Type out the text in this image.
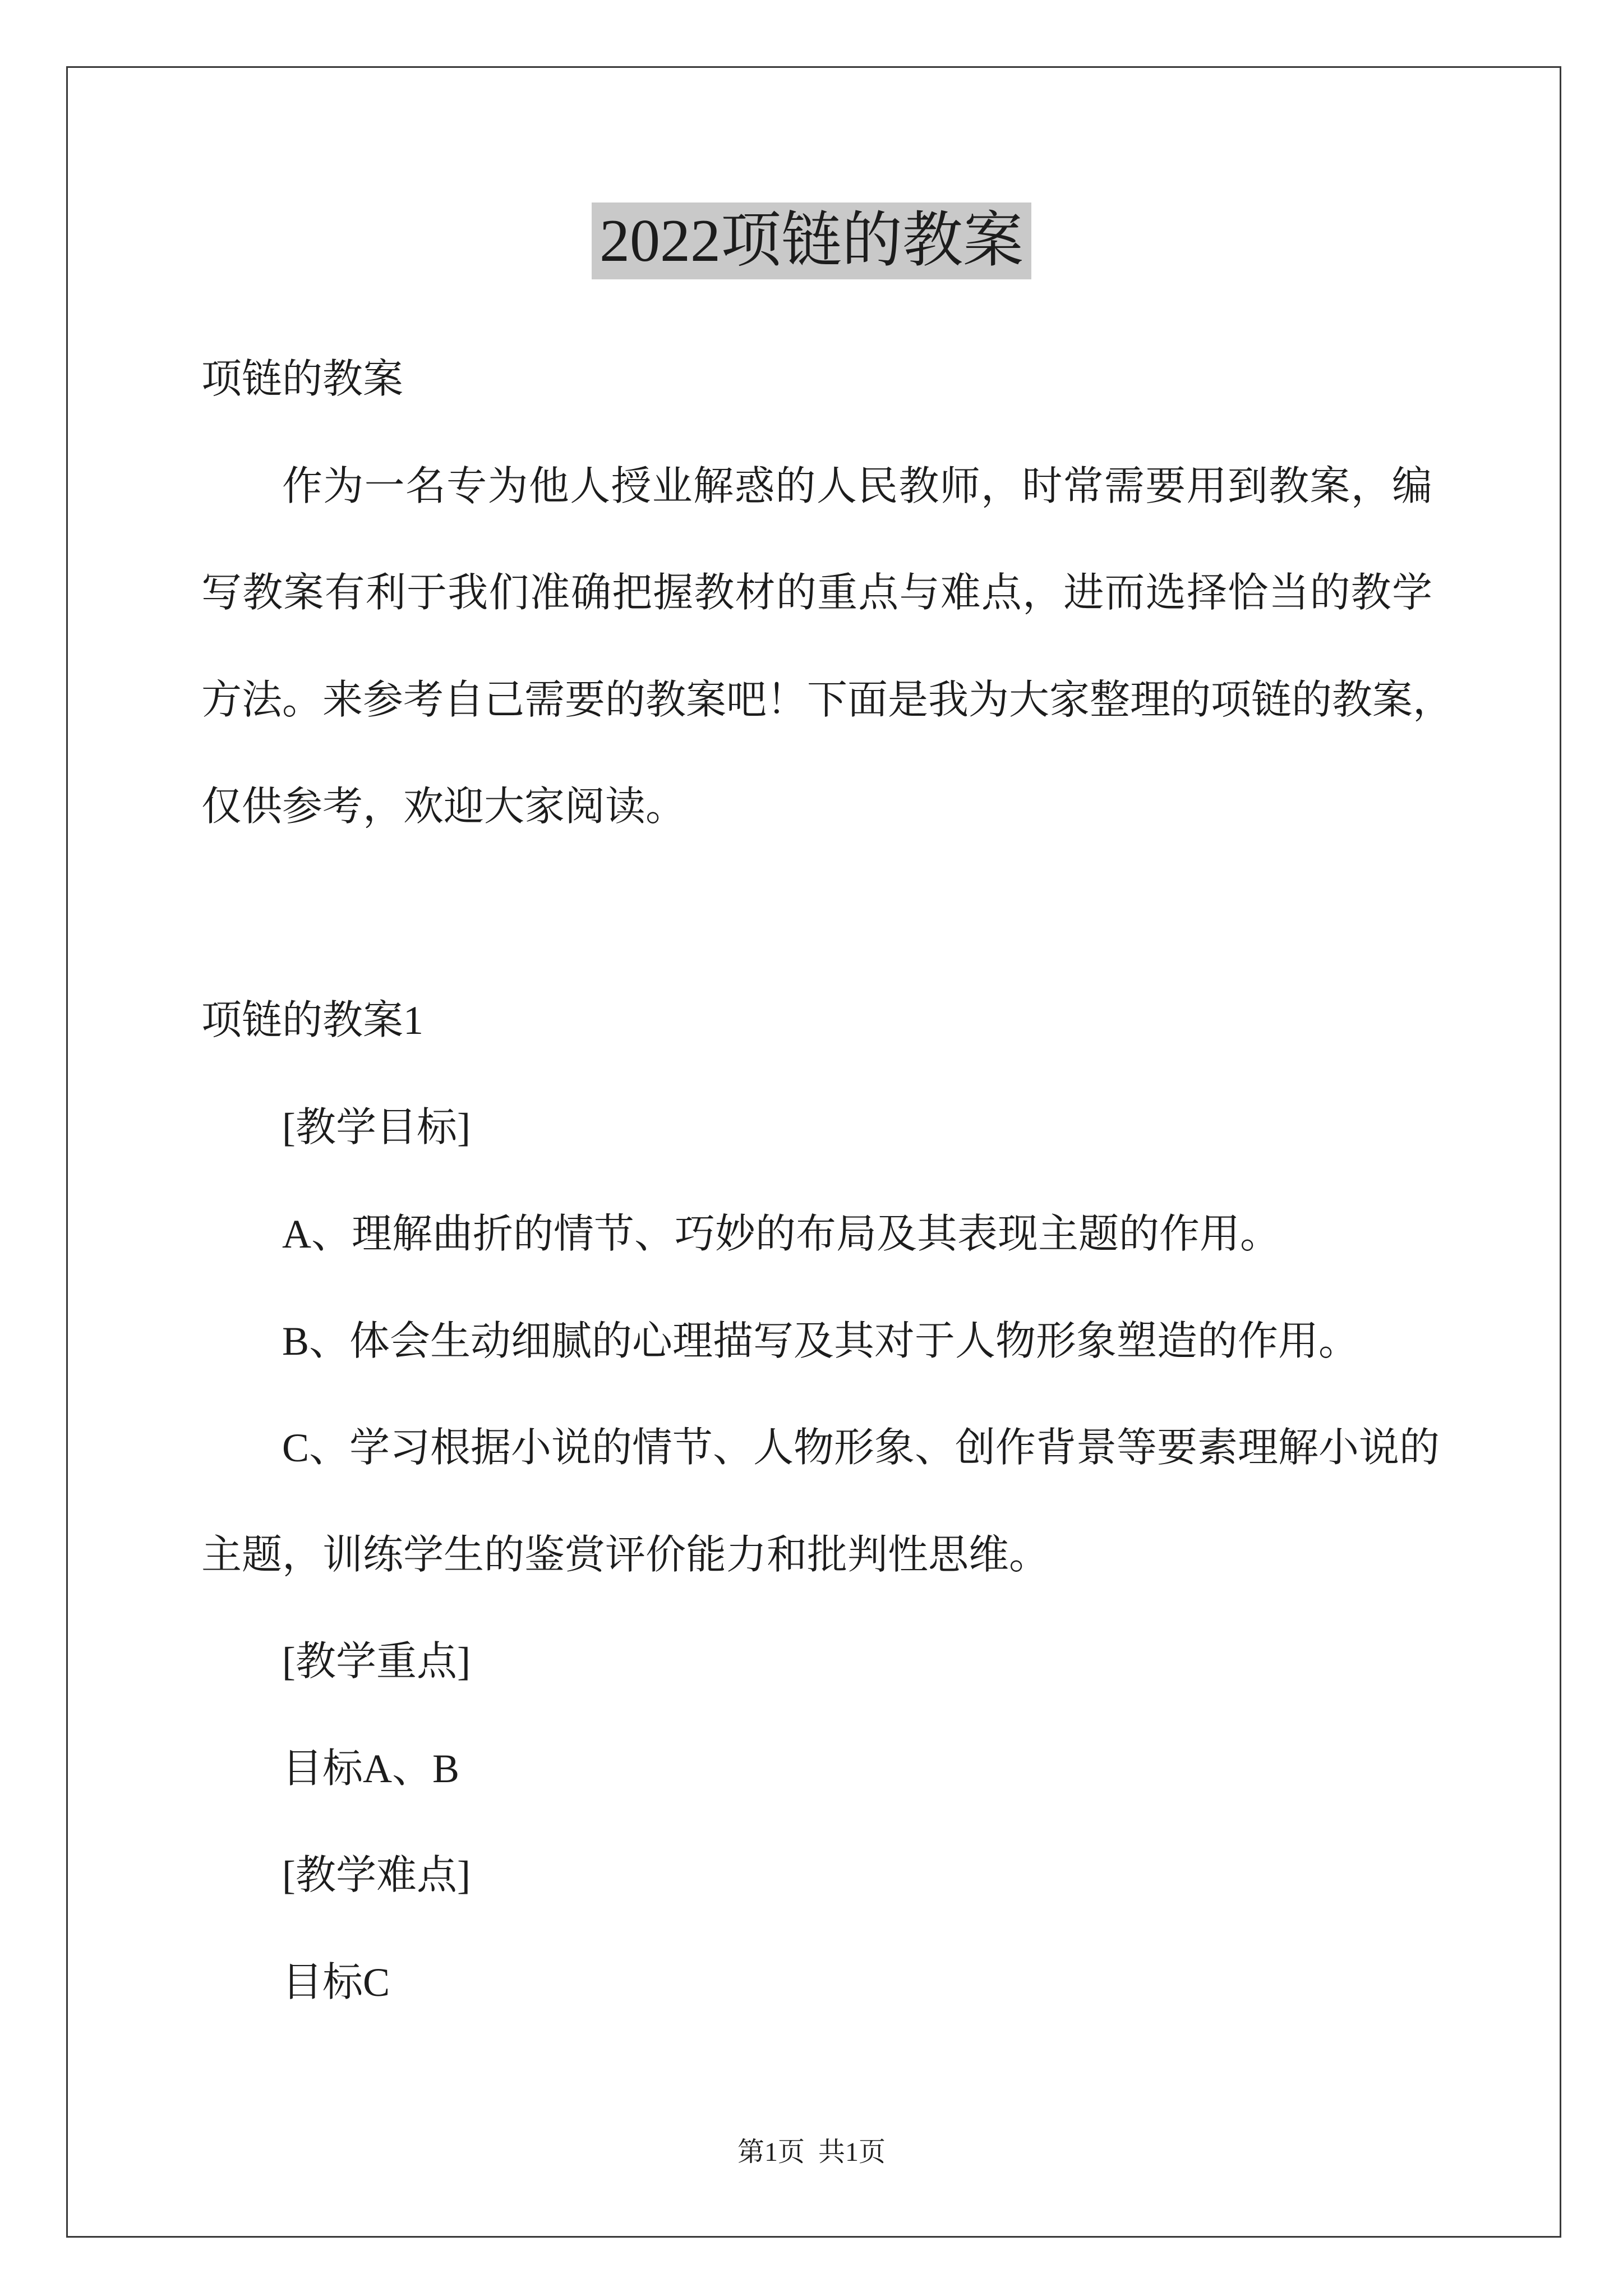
2022项链的教案

项链的教案

作为一名专为他人授业解惑的人民教师，时常需要用到教案，编

写教案有利于我们准确把握教材的重点与难点，进而选择恰当的教学

方法。来参考自己需要的教案吧！下面是我为大家整理的项链的教案，

仅供参考，欢迎大家阅读。

项链的教案1

[教学目标]

A、理解曲折的情节、巧妙的布局及其表现主题的作用。

B、体会生动细腻的心理描写及其对于人物形象塑造的作用。

C、学习根据小说的情节、人物形象、创作背景等要素理解小说的

主题，训练学生的鉴赏评价能力和批判性思维。

[教学重点]

目标A、B

[教学难点]

目标C

第1页  共1页
